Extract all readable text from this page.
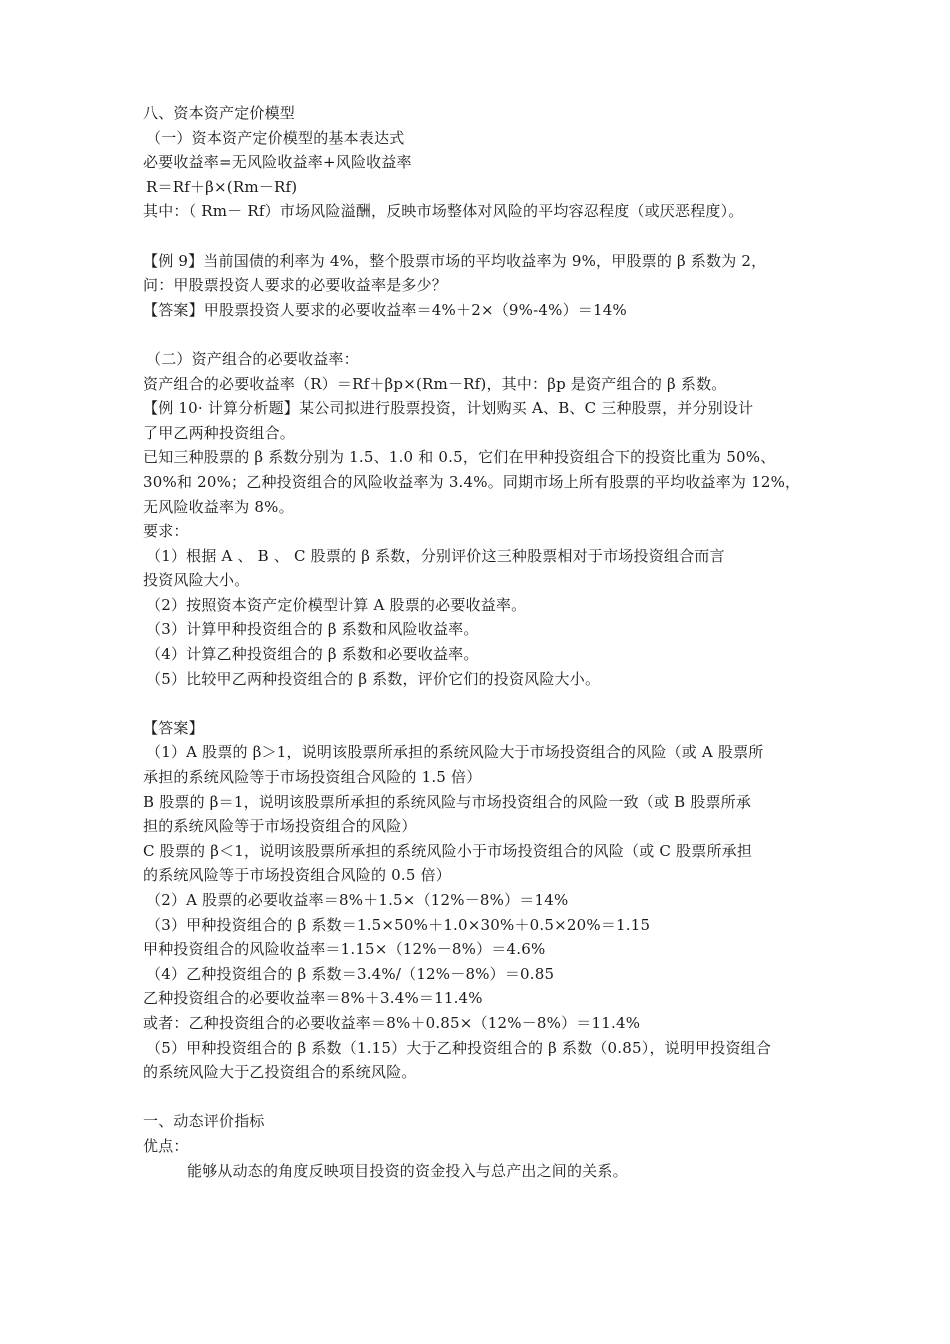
八、资本资产定价模型
（一）资本资产定价模型的基本表达式
必要收益率=无风险收益率+风险收益率
R＝Rf＋β×(Rm－Rf)
其中：（ Rm－ Rf）市场风险溢酬，反映市场整体对风险的平均容忍程度（或厌恶程度）。
【例 9】当前国债的利率为 4%，整个股票市场的平均收益率为 9%，甲股票的 β 系数为 2，
问：甲股票投资人要求的必要收益率是多少？
【答案】甲股票投资人要求的必要收益率＝4%＋2×（9%-4%）＝14%
（二）资产组合的必要收益率：
资产组合的必要收益率（R）＝Rf＋βp×(Rm－Rf)，其中：βp 是资产组合的 β 系数。
【例 10· 计算分析题】某公司拟进行股票投资，计划购买 A、B、C 三种股票，并分别设计
了甲乙两种投资组合。
已知三种股票的 β 系数分别为 1.5、1.0 和 0.5，它们在甲种投资组合下的投资比重为 50%、
30%和 20%；乙种投资组合的风险收益率为 3.4%。同期市场上所有股票的平均收益率为 12%，
无风险收益率为 8%。
要求：
（1）根据 A 、 B 、 C 股票的 β 系数，分别评价这三种股票相对于市场投资组合而言
投资风险大小。
（2）按照资本资产定价模型计算 A 股票的必要收益率。
（3）计算甲种投资组合的 β 系数和风险收益率。
（4）计算乙种投资组合的 β 系数和必要收益率。
（5）比较甲乙两种投资组合的 β 系数，评价它们的投资风险大小。
【答案】
（1）A 股票的 β＞1，说明该股票所承担的系统风险大于市场投资组合的风险（或 A 股票所
承担的系统风险等于市场投资组合风险的 1.5 倍）
B 股票的 β＝1，说明该股票所承担的系统风险与市场投资组合的风险一致（或 B 股票所承
担的系统风险等于市场投资组合的风险）
C 股票的 β＜1，说明该股票所承担的系统风险小于市场投资组合的风险（或 C 股票所承担
的系统风险等于市场投资组合风险的 0.5 倍）
（2）A 股票的必要收益率＝8%＋1.5×（12%－8%）＝14%
（3）甲种投资组合的 β 系数＝1.5×50%＋1.0×30%＋0.5×20%＝1.15
甲种投资组合的风险收益率＝1.15×（12%－8%）＝4.6%
（4）乙种投资组合的 β 系数＝3.4%/（12%－8%）＝0.85
乙种投资组合的必要收益率＝8%＋3.4%＝11.4%
或者：乙种投资组合的必要收益率＝8%＋0.85×（12%－8%）＝11.4%
（5）甲种投资组合的 β 系数（1.15）大于乙种投资组合的 β 系数（0.85），说明甲投资组合
的系统风险大于乙投资组合的系统风险。
一、动态评价指标
优点：
能够从动态的角度反映项目投资的资金投入与总产出之间的关系。
